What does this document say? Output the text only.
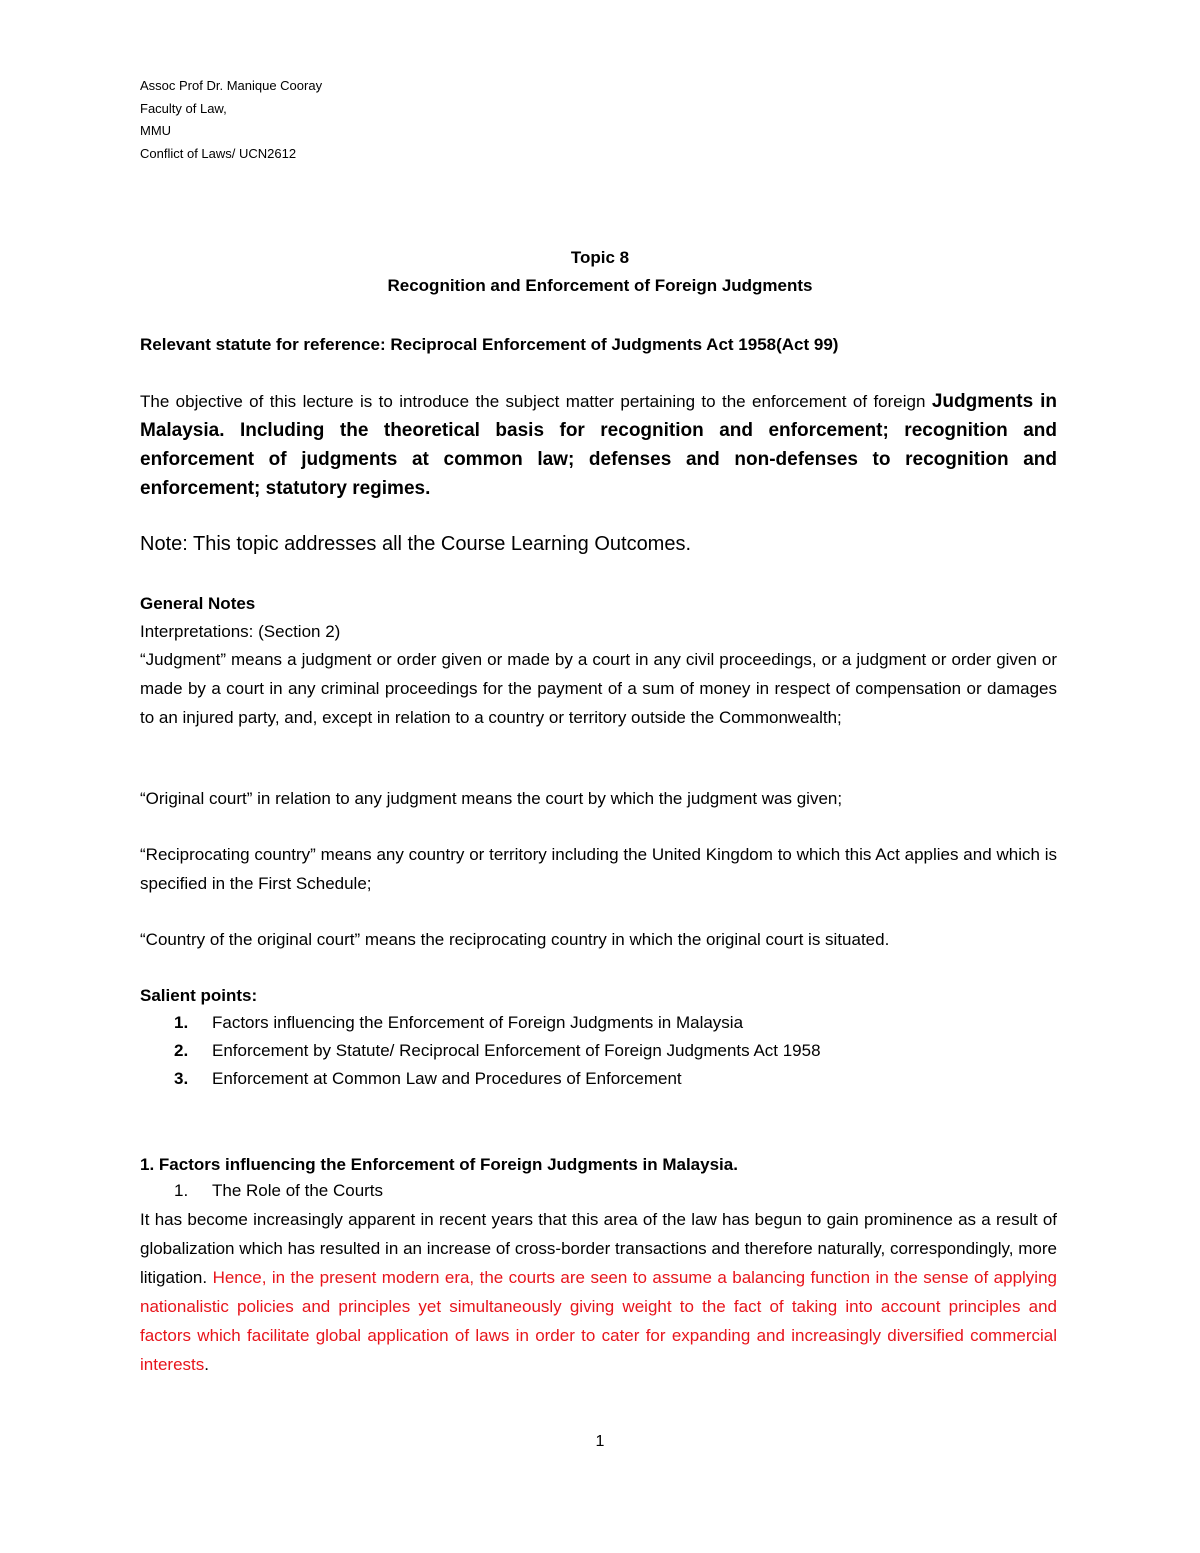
Assoc Prof Dr. Manique Cooray
Faculty of Law,
MMU
Conflict of Laws/ UCN2612
Topic 8
Recognition and Enforcement of Foreign Judgments
Relevant statute for reference: Reciprocal Enforcement of Judgments Act 1958(Act 99)
The objective of this lecture is to introduce the subject matter pertaining to the enforcement of foreign Judgments in Malaysia. Including the theoretical basis for recognition and enforcement; recognition and enforcement of judgments at common law; defenses and non-defenses to recognition and enforcement; statutory regimes.
Note: This topic addresses all the Course Learning Outcomes.
General Notes
Interpretations: (Section 2)
“Judgment” means a judgment or order given or made by a court in any civil proceedings, or a judgment or order given or made by a court in any criminal proceedings for the payment of a sum of money in respect of compensation or damages to an injured party, and, except in relation to a country or territory outside the Commonwealth;
“Original court” in relation to any judgment means the court by which the judgment was given;
“Reciprocating country” means any country or territory including the United Kingdom to which this Act applies and which is specified in the First Schedule;
“Country of the original court” means the reciprocating country in which the original court is situated.
Salient points:
1.	Factors influencing the Enforcement of Foreign Judgments in Malaysia
2.	Enforcement by Statute/ Reciprocal Enforcement of Foreign Judgments Act 1958
3.	Enforcement at Common Law and Procedures of Enforcement
1. Factors influencing the Enforcement of Foreign Judgments in Malaysia.
1.	The Role of the Courts
It has become increasingly apparent in recent years that this area of the law has begun to gain prominence as a result of globalization which has resulted in an increase of cross-border transactions and therefore naturally, correspondingly, more litigation. Hence, in the present modern era, the courts are seen to assume a balancing function in the sense of applying nationalistic policies and principles yet simultaneously giving weight to the fact of taking into account principles and factors which facilitate global application of laws in order to cater for expanding and increasingly diversified commercial interests.
1
